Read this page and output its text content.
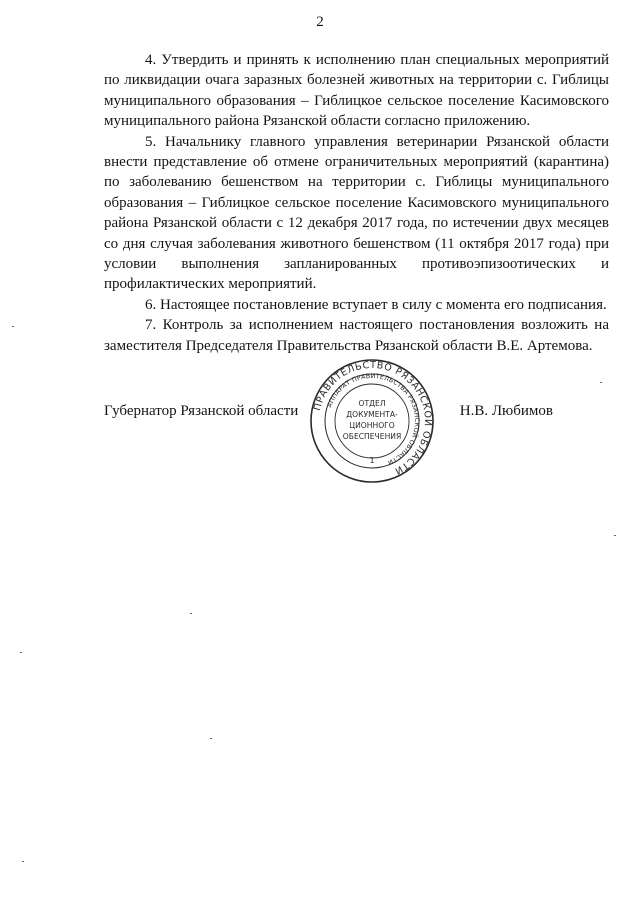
2

4. Утвердить и принять к исполнению план специальных мероприятий по ликвидации очага заразных болезней животных на территории с. Гиблицы муниципального образования – Гиблицкое сельское поселение Касимовского муниципального района Рязанской области согласно приложению.

5. Начальнику главного управления ветеринарии Рязанской области внести представление об отмене ограничительных мероприятий (карантина) по заболеванию бешенством на территории с. Гиблицы муниципального образования – Гиблицкое сельское поселение Касимовского муниципального района Рязанской области с 12 декабря 2017 года, по истечении двух месяцев со дня случая заболевания животного бешенством (11 октября 2017 года) при условии выполнения запланированных противоэпизоотических и профилактических мероприятий.

6. Настоящее постановление вступает в силу с момента его подписания.

7. Контроль за исполнением настоящего постановления возложить на заместителя Председателя Правительства Рязанской области В.Е. Артемова.

Губернатор Рязанской области	Н.В. Любимов
ПРАВИТЕЛЬСТВО РЯЗАНСКОЙ ОБЛАСТИ
АППАРАТ ПРАВИТЕЛЬСТВА РЯЗАНСКОЙ ОБЛАСТИ
ОТДЕЛ
ДОКУМЕНТА-
ЦИОННОГО
ОБЕСПЕЧЕНИЯ
1
